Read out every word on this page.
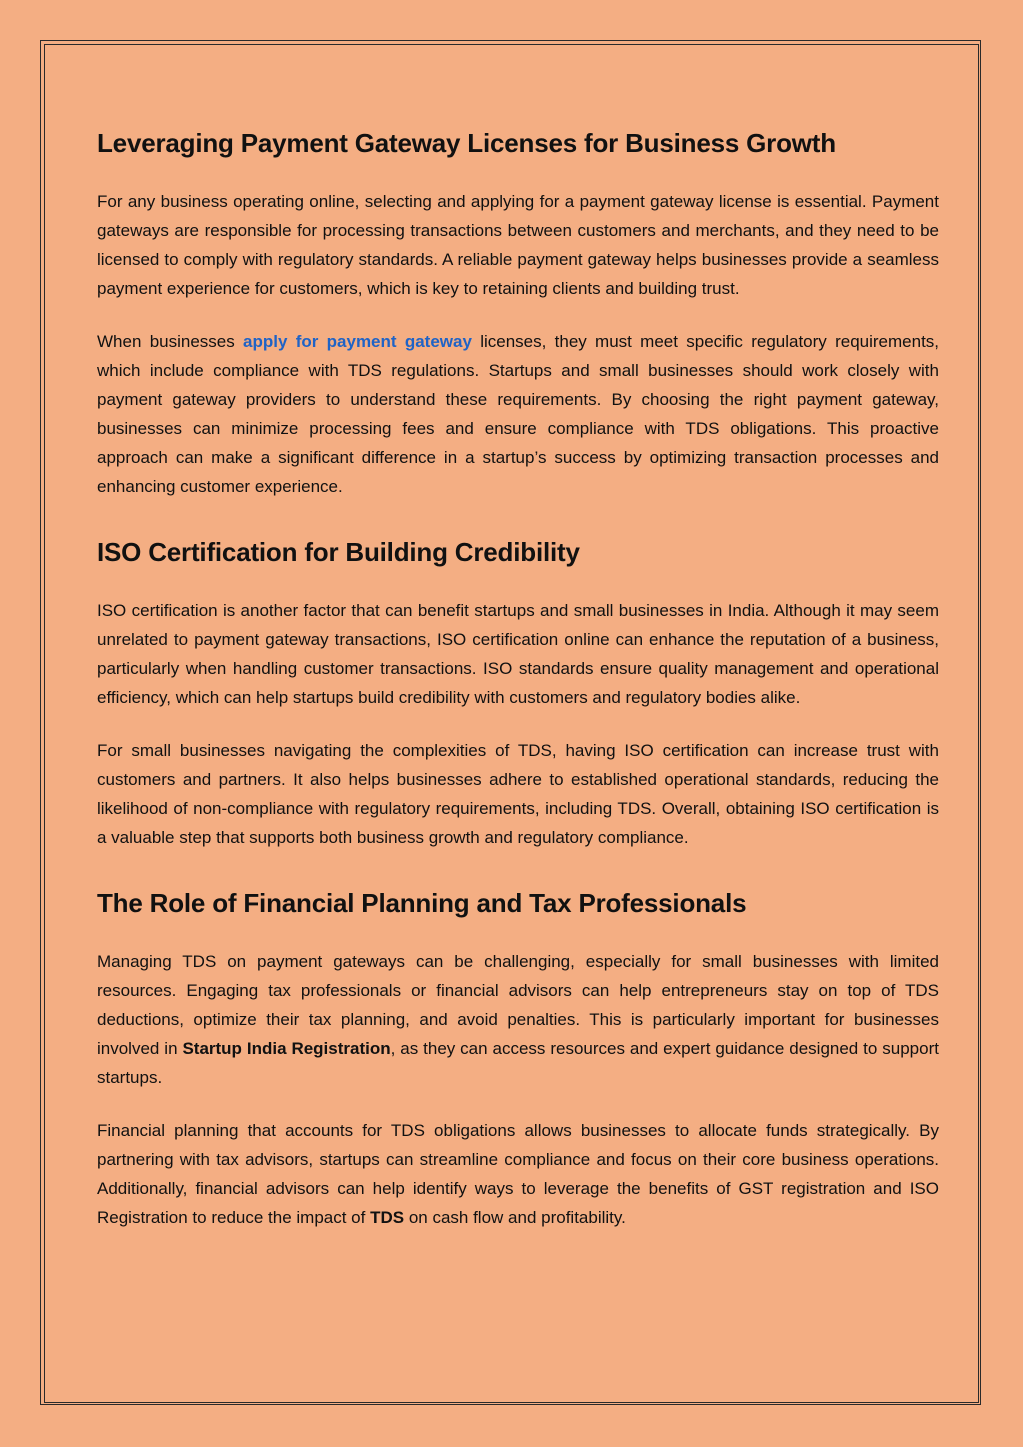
Leveraging Payment Gateway Licenses for Business Growth

For any business operating online, selecting and applying for a payment gateway license is essential. Payment gateways are responsible for processing transactions between customers and merchants, and they need to be licensed to comply with regulatory standards. A reliable payment gateway helps businesses provide a seamless payment experience for customers, which is key to retaining clients and building trust.

When businesses apply for payment gateway licenses, they must meet specific regulatory requirements, which include compliance with TDS regulations. Startups and small businesses should work closely with payment gateway providers to understand these requirements. By choosing the right payment gateway, businesses can minimize processing fees and ensure compliance with TDS obligations. This proactive approach can make a significant difference in a startup’s success by optimizing transaction processes and enhancing customer experience.

ISO Certification for Building Credibility

ISO certification is another factor that can benefit startups and small businesses in India. Although it may seem unrelated to payment gateway transactions, ISO certification online can enhance the reputation of a business, particularly when handling customer transactions. ISO standards ensure quality management and operational efficiency, which can help startups build credibility with customers and regulatory bodies alike.

For small businesses navigating the complexities of TDS, having ISO certification can increase trust with customers and partners. It also helps businesses adhere to established operational standards, reducing the likelihood of non-compliance with regulatory requirements, including TDS. Overall, obtaining ISO certification is a valuable step that supports both business growth and regulatory compliance.

The Role of Financial Planning and Tax Professionals

Managing TDS on payment gateways can be challenging, especially for small businesses with limited resources. Engaging tax professionals or financial advisors can help entrepreneurs stay on top of TDS deductions, optimize their tax planning, and avoid penalties. This is particularly important for businesses involved in Startup India Registration, as they can access resources and expert guidance designed to support startups.

Financial planning that accounts for TDS obligations allows businesses to allocate funds strategically. By partnering with tax advisors, startups can streamline compliance and focus on their core business operations. Additionally, financial advisors can help identify ways to leverage the benefits of GST registration and ISO Registration to reduce the impact of TDS on cash flow and profitability.
